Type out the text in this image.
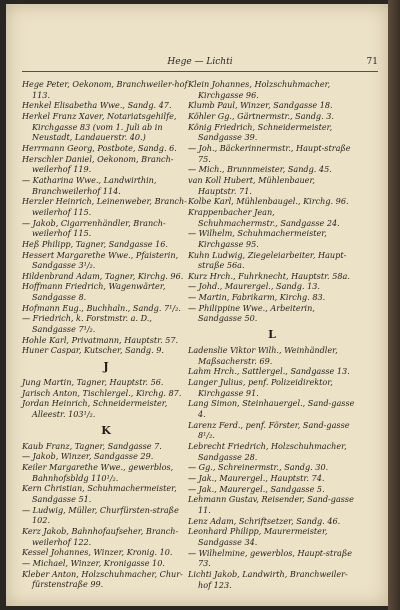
Hege — Lichti	71

Hege Peter, Oekonom, Branchweiler-hof 113.

Henkel Elisabetha Wwe., Sandg. 47.

Herkel Franz Xaver, Notariatsgehilfe, Kirchgasse 83 (vom 1. Juli ab in Neustadt, Landauerstr. 40.)

Herrmann Georg, Postbote, Sandg. 6.

Herschler Daniel, Oekonom, Branch-weilerhof 119.

— Katharina Wwe., Landwirthin, Branchweilerhof 114.

Herzler Heinrich, Leinenweber, Branch-weilerhof 115.

— Jakob, Cigarrenhändler, Branch-weilerhof 115.

Heß Philipp, Tagner, Sandgasse 16.

Hessert Margarethe Wwe., Pfaisterin, Sandgasse 3¹/₂.

Hildenbrand Adam, Tagner, Kirchg. 96.

Hoffmann Friedrich, Wagenwärter, Sandgasse 8.

Hofmann Eug., Buchhaln., Sandg. 7¹/₂.

— Friedrich, k. Forstmstr. a. D., Sandgasse 7¹/₂.

Hohle Karl, Privatmann, Hauptstr. 57.

Huner Caspar, Kutscher, Sandg. 9.

J

Jung Martin, Tagner, Hauptstr. 56.

Jarisch Anton, Tischlergel., Kirchg. 87.

Jordan Heinrich, Schneidermeister, Alleestr. 103¹/₂.

K

Kaub Franz, Tagner, Sandgasse 7.

— Jakob, Winzer, Sandgasse 29.

Keiler Margarethe Wwe., gewerblos, Bahnhofsbldg 110¹/₂.

Kern Christian, Schuhmachermeister, Sandgasse 51.

— Ludwig, Müller, Churfürsten-straße 102.

Kerz Jakob, Bahnhofaufseher, Branch-weilerhof 122.

Kessel Johannes, Winzer, Kronig. 10.

— Michael, Winzer, Kronigasse 10.

Kleber Anton, Holzschuhmacher, Chur-fürstenstraße 99.

Klein Johannes, Holzschuhmacher, Kirchgasse 96.

Klumb Paul, Winzer, Sandgasse 18.

Köhler Gg., Gärtnermstr., Sandg. 3.

König Friedrich, Schneidermeister, Sandgasse 39.

— Joh., Bäckerinnermstr., Haupt-straße 75.

— Mich., Brunnmeister, Sandg. 45.

van Koll Hubert, Mühlenbauer, Hauptstr. 71.

Kolbe Karl, Mühlenbaugel., Kirchg. 96.

Krappenbacher Jean, Schuhmachermstr., Sandgasse 24.

— Wilhelm, Schuhmachermeister, Kirchgasse 95.

Kuhn Ludwig, Ziegeleiarbeiter, Haupt-straße 56a.

Kurz Hrch., Fuhrknecht, Hauptstr. 58a.

— Johd., Maurergel., Sandg. 13.

— Martin, Fabrikarm, Kirchg. 83.

— Philippine Wwe., Arbeiterin, Sandgasse 50.

L

Ladenslie Viktor Wilh., Weinhändler, Maßsacherstr. 69.

Lahm Hrch., Sattlergel., Sandgasse 13.

Langer Julius, penf. Polizeidirektor, Kirchgasse 91.

Lang Simon, Steinhauergel., Sand-gasse 4.

Larenz Ferd., penf. Förster, Sand-gasse 8¹/₂.

Lebrecht Friedrich, Holzschuhmacher, Sandgasse 28.

— Gg., Schreinermstr., Sandg. 30.

— Jak., Maurergel., Hauptstr. 74.

— Jak., Maurergel., Sandgasse 5.

Lehmann Gustav, Reisender, Sand-gasse 11.

Lenz Adam, Schriftsetzer, Sandg. 46.

Leonhard Philipp, Maurermeister, Sandgasse 34.

— Wilhelmine, gewerblos, Haupt-straße 73.

Lichti Jakob, Landwirth, Branchweiler-hof 123.
